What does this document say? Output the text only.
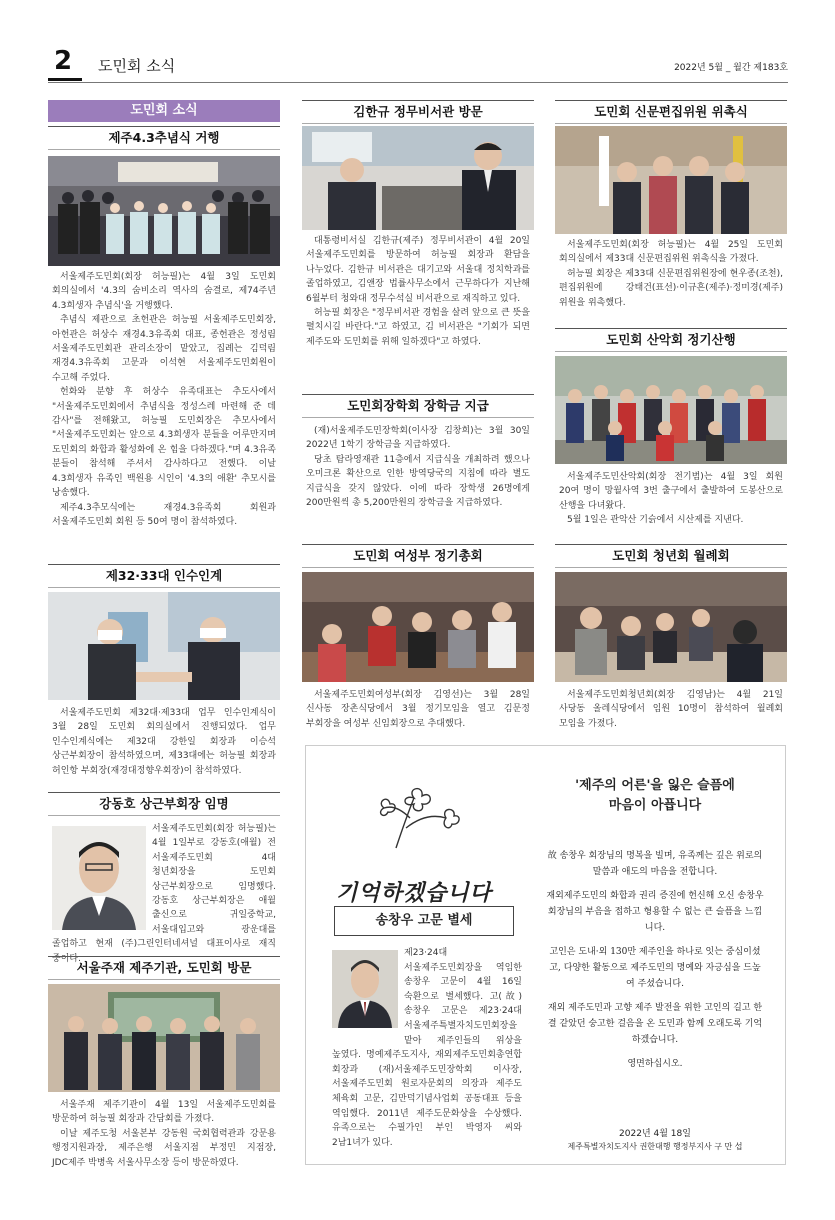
2 도민회 소식	2022년 5월 _ 월간 제183호
도민회 소식
제주4.3추념식 거행

서울제주도민회(회장 허능필)는 4월 3일 도민회 회의실에서 '4.3의 숨비소리 역사의 숨결로, 제74주년 4.3희생자 추념식'을 거행했다.

추념식 제관으로 초헌관은 허능필 서울제주도민회장, 아헌관은 허상수 재경4.3유족회 대표, 종헌관은 정성림 서울제주도민회관 관리소장이 맡았고, 집례는 김덕림 재경4.3유족회 고문과 이석현 서울제주도민회원이 수고해 주었다.

헌화와 분향 후 허상수 유족대표는 추도사에서 "서울제주도민회에서 추념식을 정성스레 마련해 준 데 감사"를 전해왔고, 허능필 도민회장은 추모사에서 "서울제주도민회는 앞으로 4.3희생자 분들을 어루만지며 도민회의 화합과 활성화에 온 힘을 다하겠다."며 4.3유족 분들이 참석해 주셔서 감사하다고 전했다. 이날 4.3희생자 유족인 백원용 시인이 '4.3의 애환' 추모시를 낭송했다.

제주4.3추모식에는 재경4.3유족회 회원과 서울제주도민회 회원 등 50여 명이 참석하였다.

제32·33대 인수인계

서울제주도민회 제32대·제33대 업무 인수인계식이 3월 28일 도민회 회의실에서 진행되었다. 업무 인수인계식에는 제32대 강한일 회장과 이승석 상근부회장이 참석하였으며, 제33대에는 허능필 회장과 허인항 부회장(재경대정향우회장)이 참석하였다.

강동호 상근부회장 임명

서울제주도민회(회장 허능필)는 4월 1일부로 강동호(애월) 전 서울제주도민회 4대 청년회장을 도민회 상근부회장으로 임명했다. 강동호 상근부회장은 애월 출신으로 귀일중학교, 서울대입고와 광운대를 졸업하고 현재 (주)그린인터네셔널 대표이사로 재직 중이다.

서울주재 제주기관, 도민회 방문

서울주재 제주기관이 4월 13일 서울제주도민회를 방문하여 허능필 회장과 간담회를 가졌다.

이날 제주도청 서울본부 강동원 국회협력관과 강문용 행정지원과장, 제주은행 서울지점 부정민 지점장, JDC제주 박병욱 서울사무소장 등이 방문하였다.

김한규 정무비서관 방문

대통령비서실 김한규(제주) 정무비서관이 4월 20일 서울제주도민회를 방문하여 허능필 회장과 환담을 나누었다. 김한규 비서관은 대기고와 서울대 정치학과를 졸업하였고, 김앤장 법률사무소에서 근무하다가 지난해 6월부터 청와대 정무수석실 비서관으로 재직하고 있다.

허능필 회장은 "정무비서관 경험을 살려 앞으로 큰 뜻을 펼치시길 바란다."고 하였고, 김 비서관은 "기회가 되면 제주도와 도민회를 위해 일하겠다"고 하였다.

도민회장학회 장학금 지급

(재)서울제주도민장학회(이사장 김창희)는 3월 30일 2022년 1학기 장학금을 지급하였다.

당초 탐라영재관 11층에서 지급식을 개최하려 했으나 오미크론 확산으로 인한 방역당국의 지침에 따라 별도 지급식을 갖지 않았다. 이에 따라 장학생 26명에게 200만원씩 총 5,200만원의 장학금을 지급하였다.

도민회 여성부 정기총회

서울제주도민회여성부(회장 김영선)는 3월 28일 신사동 장촌식당에서 3월 정기모임을 열고 김문정 부회장을 여성부 신임회장으로 추대했다.

도민회 신문편집위원 위촉식

서울제주도민회(회장 허능필)는 4월 25일 도민회 회의실에서 제33대 신문편집위원 위촉식을 가졌다.

허능필 회장은 제33대 신문편집위원장에 현우종(조천), 편집위원에 강태건(표선)·이규흔(제주)·정미경(제주) 위원을 위촉했다.

도민회 산악회 정기산행

서울제주도민산악회(회장 전기범)는 4월 3일 회원 20여 명이 망월사역 3번 출구에서 출발하여 도봉산으로 산행을 다녀왔다.

5월 1일은 관악산 기슭에서 시산제를 지낸다.

도민회 청년회 월례회

서울제주도민회청년회(회장 김영남)는 4월 21일 사당동 올레식당에서 임원 10명이 참석하여 월례회 모임을 가졌다.

기억하겠습니다
송창우 고문 별세
제23·24대 서울제주도민회장을 역임한 송창우 고문이 4월 16일 숙환으로 별세했다. 고(故) 송창우 고문은 제23·24대 서울제주특별자치도민회장을 맡아 제주인들의 위상을 높였다. 명예제주도지사, 재외제주도민회총연합 회장과 (재)서울제주도민장학회 이사장, 서울제주도민회 원로자문회의 의장과 제주도 체육회 고문, 김만덕기념사업회 공동대표 등을 역임했다. 2011년 제주도문화상을 수상했다. 유족으로는 수필가인 부인 박영자 씨와 2남1녀가 있다.
'제주의 어른'을 잃은 슬픔에
마음이 아픕니다

故 송창우 회장님의 명복을 빌며, 유족께는 깊은 위로의 말씀과 애도의 마음을 전합니다.

재외제주도민의 화합과 권리 증진에 헌신해 오신 송창우 회장님의 부음을 접하고 형용할 수 없는 큰 슬픔을 느낍니다.

고인은 도내·외 130만 제주인을 하나로 잇는 중심이셨고, 다양한 활동으로 제주도민의 명예와 자긍심을 드높여 주셨습니다.

재외 제주도민과 고향 제주 발전을 위한 고인의 길고 한결 같았던 숭고한 걸음을 온 도민과 함께 오래도록 기억하겠습니다.

영면하십시오.

2022년 4월 18일
제주특별자치도지사 권한대행 행정부지사 구 만 섭
